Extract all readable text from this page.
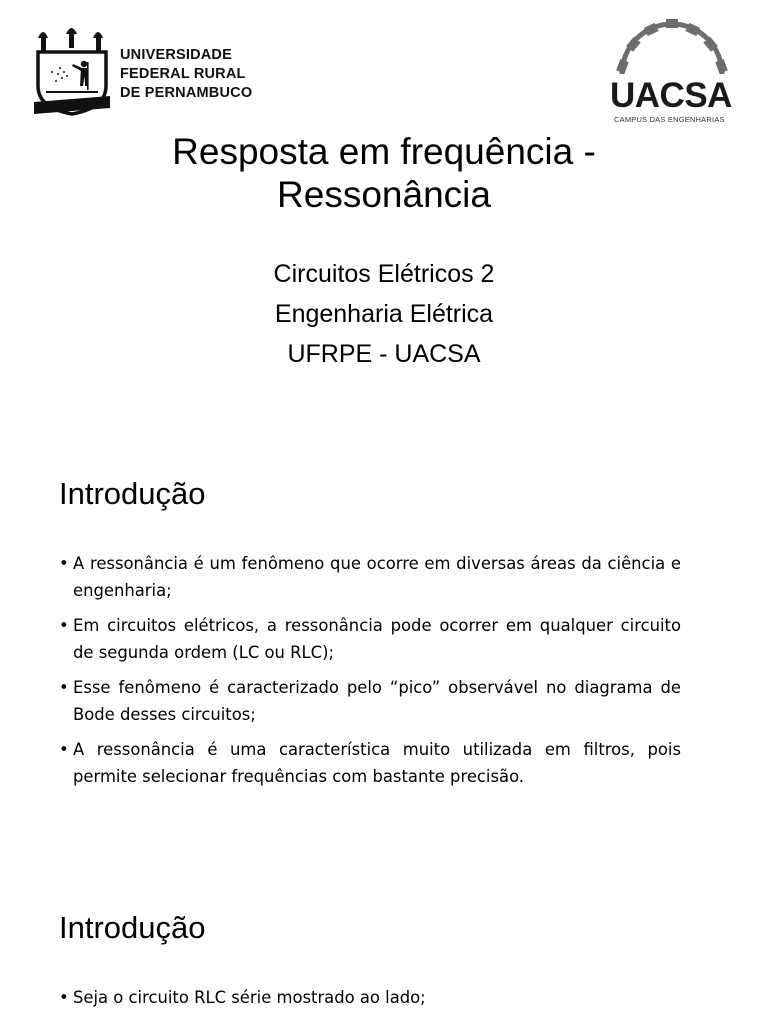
UNIVERSIDADE
FEDERAL RURAL
DE PERNAMBUCO	UACSA
CAMPUS DAS ENGENHARIAS
Resposta em frequência -
Ressonância
Circuitos Elétricos 2
Engenharia Elétrica
UFRPE - UACSA
Introdução
• A ressonância é um fenômeno que ocorre em diversas áreas da ciência e engenharia;
• Em circuitos elétricos, a ressonância pode ocorrer em qualquer circuito de segunda ordem (LC ou RLC);
• Esse fenômeno é caracterizado pelo “pico” observável no diagrama de Bode desses circuitos;
• A ressonância é uma característica muito utilizada em filtros, pois permite selecionar frequências com bastante precisão.
Introdução
• Seja o circuito RLC série mostrado ao lado;
